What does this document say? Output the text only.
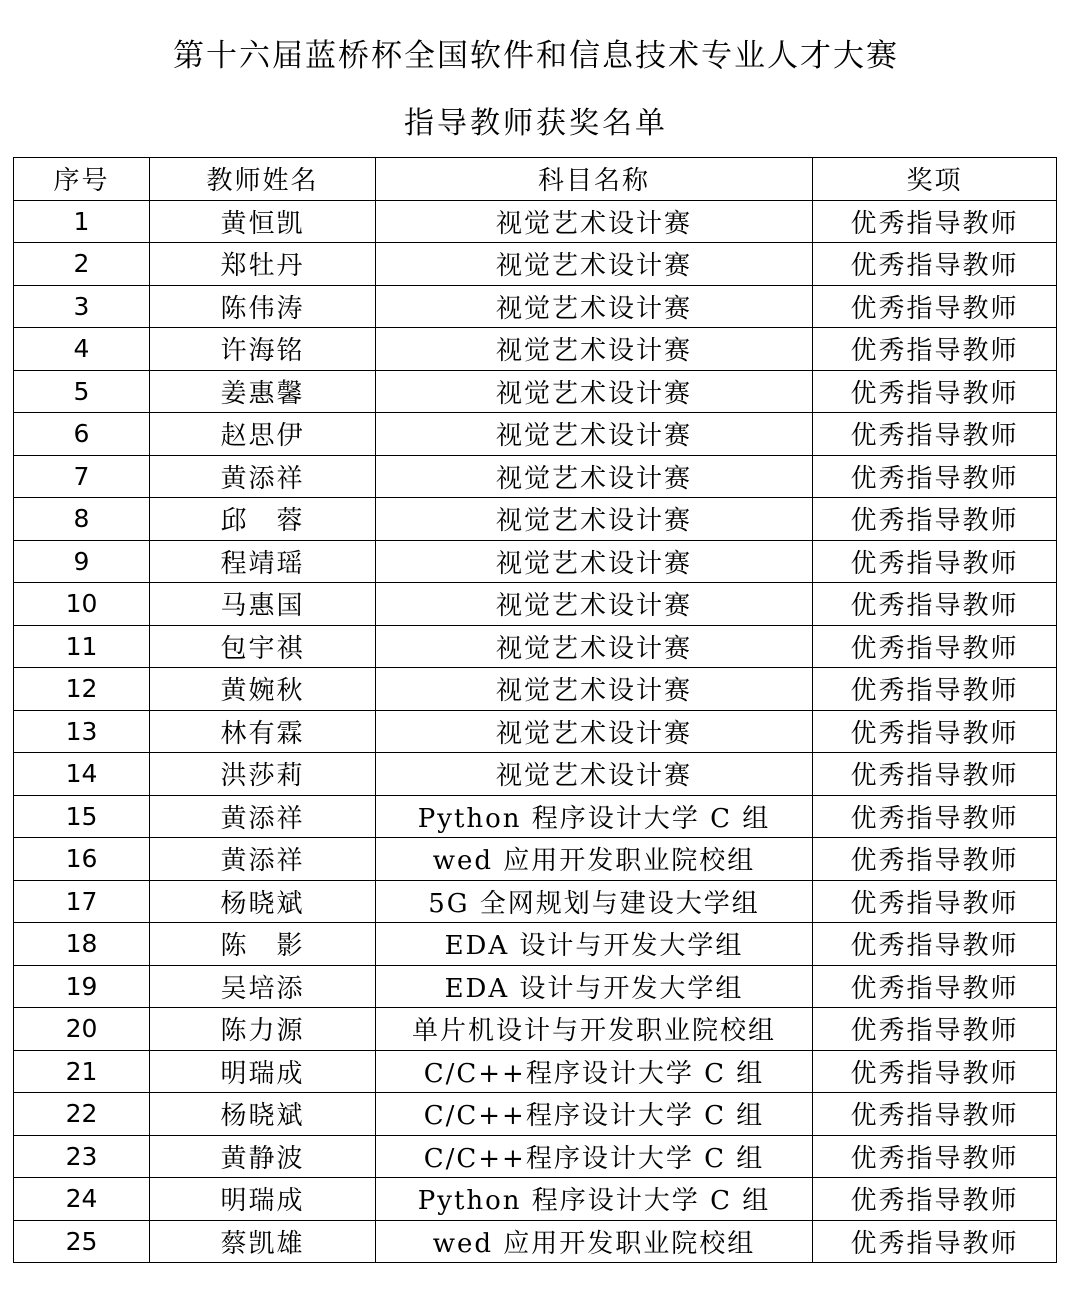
第十六届蓝桥杯全国软件和信息技术专业人才大赛
指导教师获奖名单
序号	教师姓名	科目名称	奖项
1	黄恒凯	视觉艺术设计赛	优秀指导教师
2	郑牡丹	视觉艺术设计赛	优秀指导教师
3	陈伟涛	视觉艺术设计赛	优秀指导教师
4	许海铭	视觉艺术设计赛	优秀指导教师
5	姜惠馨	视觉艺术设计赛	优秀指导教师
6	赵思伊	视觉艺术设计赛	优秀指导教师
7	黄添祥	视觉艺术设计赛	优秀指导教师
8	邱　蓉	视觉艺术设计赛	优秀指导教师
9	程靖瑶	视觉艺术设计赛	优秀指导教师
10	马惠国	视觉艺术设计赛	优秀指导教师
11	包宇祺	视觉艺术设计赛	优秀指导教师
12	黄婉秋	视觉艺术设计赛	优秀指导教师
13	林有霖	视觉艺术设计赛	优秀指导教师
14	洪莎莉	视觉艺术设计赛	优秀指导教师
15	黄添祥	Python 程序设计大学 C 组	优秀指导教师
16	黄添祥	wed 应用开发职业院校组	优秀指导教师
17	杨晓斌	5G 全网规划与建设大学组	优秀指导教师
18	陈　影	EDA 设计与开发大学组	优秀指导教师
19	吴培添	EDA 设计与开发大学组	优秀指导教师
20	陈力源	单片机设计与开发职业院校组	优秀指导教师
21	明瑞成	C/C++程序设计大学 C 组	优秀指导教师
22	杨晓斌	C/C++程序设计大学 C 组	优秀指导教师
23	黄静波	C/C++程序设计大学 C 组	优秀指导教师
24	明瑞成	Python 程序设计大学 C 组	优秀指导教师
25	蔡凯雄	wed 应用开发职业院校组	优秀指导教师
